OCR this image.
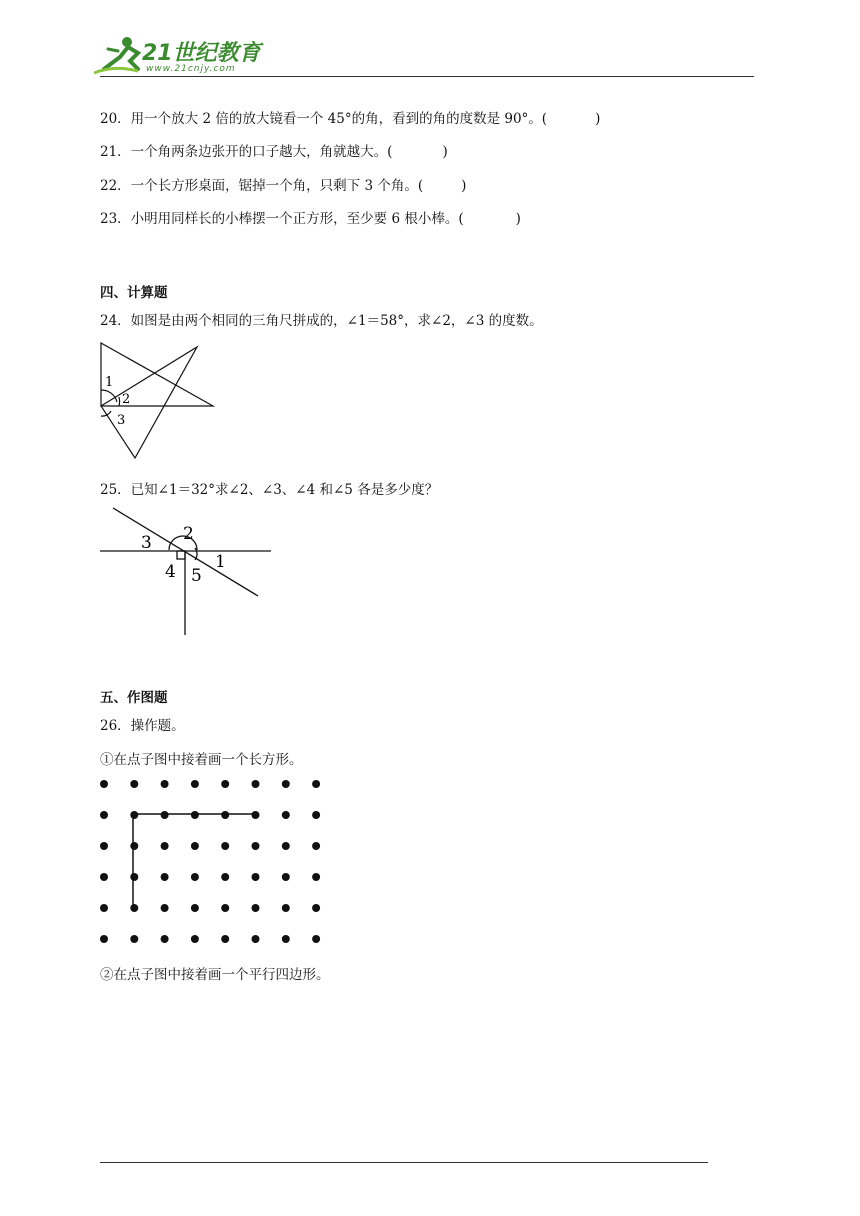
21世纪教育
www.21cnjy.com
20．用一个放大 2 倍的放大镜看一个 45°的角，看到的角的度数是 90°。(	)
21．一个角两条边张开的口子越大，角就越大。(	)
22．一个长方形桌面，锯掉一个角，只剩下 3 个角。(	)
23．小明用同样长的小棒摆一个正方形，至少要 6 根小棒。(	)
四、计算题
24．如图是由两个相同的三角尺拼成的，∠1＝58°，求∠2，∠3 的度数。
1
2
3
25．已知∠1＝32°求∠2、∠3、∠4 和∠5 各是多少度？
2
3
1
4 5
五、作图题
26．操作题。
①在点子图中接着画一个长方形。
②在点子图中接着画一个平行四边形。
